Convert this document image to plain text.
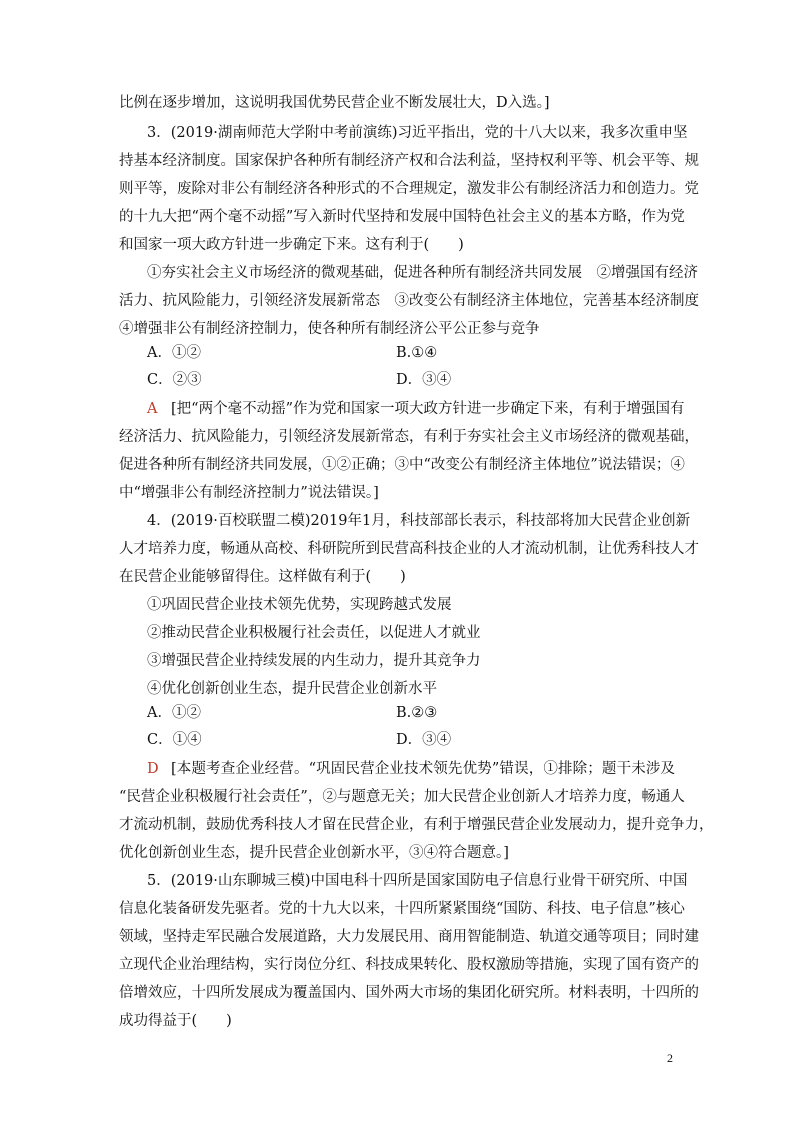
比例在逐步增加，这说明我国优势民营企业不断发展壮大，D入选。]
3．(2019·湖南师范大学附中考前演练)习近平指出，党的十八大以来，我多次重申坚
持基本经济制度。国家保护各种所有制经济产权和合法利益，坚持权利平等、机会平等、规
则平等，废除对非公有制经济各种形式的不合理规定，激发非公有制经济活力和创造力。党
的十九大把“两个毫不动摇”写入新时代坚持和发展中国特色社会主义的基本方略，作为党
和国家一项大政方针进一步确定下来。这有利于(　　)
①夯实社会主义市场经济的微观基础，促进各种所有制经济共同发展　②增强国有经济
活力、抗风险能力，引领经济发展新常态　③改变公有制经济主体地位，完善基本经济制度
④增强非公有制经济控制力，使各种所有制经济公平公正参与竞争
A．①②	B.①④
C．②③	D．③④
A [把“两个毫不动摇”作为党和国家一项大政方针进一步确定下来，有利于增强国有
经济活力、抗风险能力，引领经济发展新常态，有利于夯实社会主义市场经济的微观基础，
促进各种所有制经济共同发展，①②正确；③中“改变公有制经济主体地位”说法错误；④
中“增强非公有制经济控制力”说法错误。]
4．(2019·百校联盟二模)2019年1月，科技部部长表示，科技部将加大民营企业创新
人才培养力度，畅通从高校、科研院所到民营高科技企业的人才流动机制，让优秀科技人才
在民营企业能够留得住。这样做有利于(　　)
①巩固民营企业技术领先优势，实现跨越式发展
②推动民营企业积极履行社会责任，以促进人才就业
③增强民营企业持续发展的内生动力，提升其竞争力
④优化创新创业生态，提升民营企业创新水平
A．①②	B.②③
C．①④	D．③④
D [本题考查企业经营。“巩固民营企业技术领先优势”错误，①排除；题干未涉及
“民营企业积极履行社会责任”，②与题意无关；加大民营企业创新人才培养力度，畅通人
才流动机制，鼓励优秀科技人才留在民营企业，有利于增强民营企业发展动力，提升竞争力，
优化创新创业生态，提升民营企业创新水平，③④符合题意。]
5．(2019·山东聊城三模)中国电科十四所是国家国防电子信息行业骨干研究所、中国
信息化装备研发先驱者。党的十九大以来，十四所紧紧围绕“国防、科技、电子信息”核心
领域，坚持走军民融合发展道路，大力发展民用、商用智能制造、轨道交通等项目；同时建
立现代企业治理结构，实行岗位分红、科技成果转化、股权激励等措施，实现了国有资产的
倍增效应，十四所发展成为覆盖国内、国外两大市场的集团化研究所。材料表明，十四所的
成功得益于(　　)
2
